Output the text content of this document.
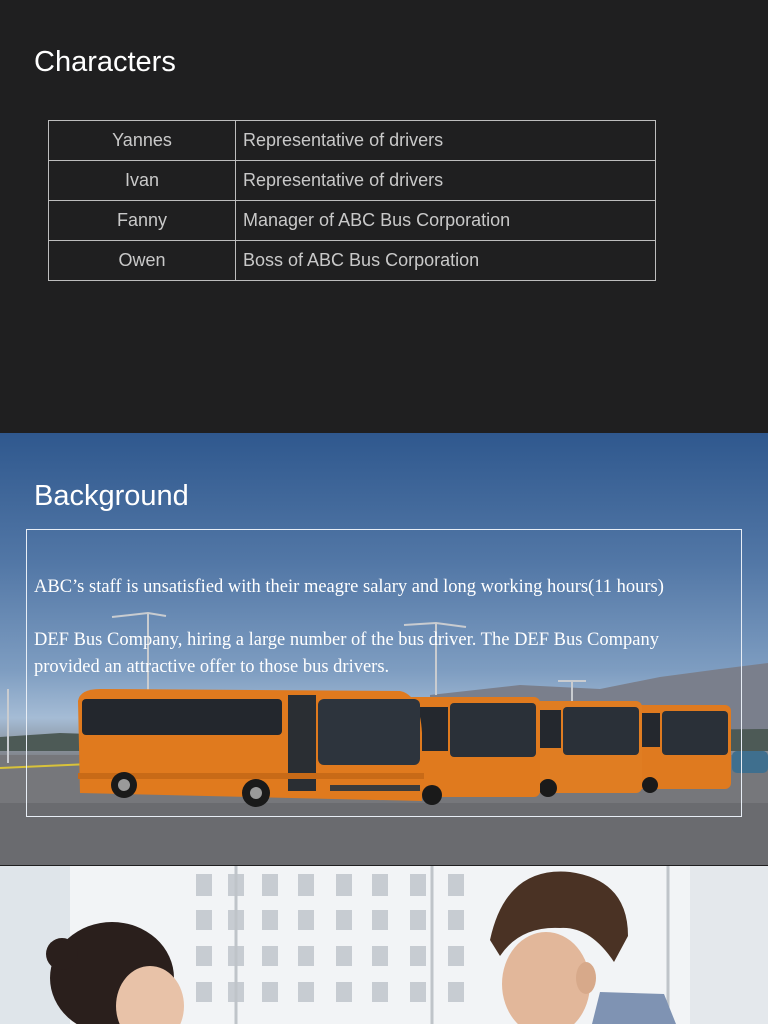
Characters
Yannes	Representative of drivers
Ivan	Representative of drivers
Fanny	Manager of ABC Bus Corporation
Owen	Boss of ABC Bus Corporation
Background

ABC’s staff is unsatisfied with their meagre salary and long working hours(11 hours)

DEF Bus Company, hiring a large number of the bus driver. The DEF Bus Company provided an attractive offer to those bus drivers.
